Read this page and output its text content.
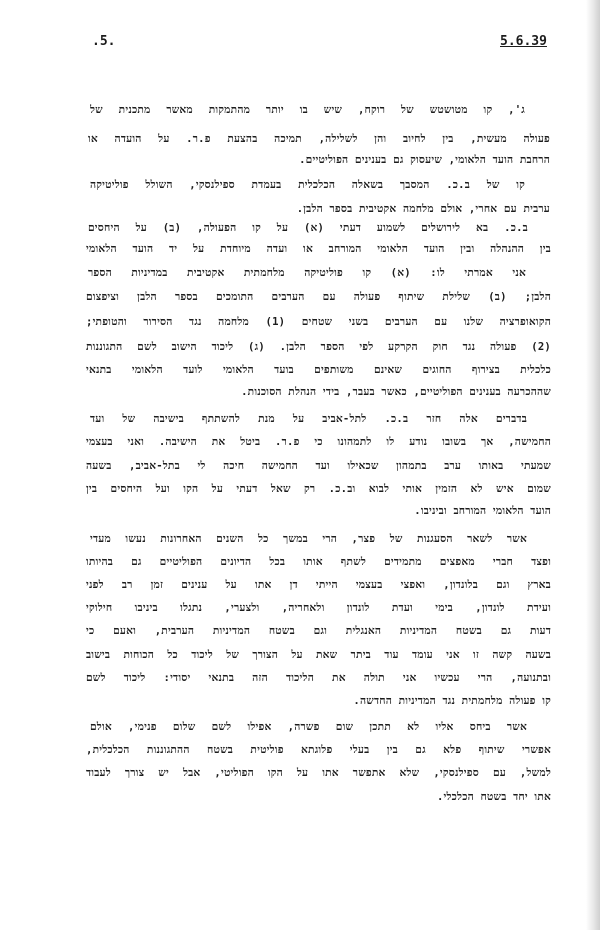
.5.	5.6.39
ג', קו מטושטש של רוקח, שיש בו יותר מהתמקות מאשר מתכנית של
פעולה מעשית, בין לחיוב והן לשלילה, תמיכה בהצעת פ.ר. על הועדה או
הרחבת הועד הלאומי, שיעסוק גם בענינים הפוליטיים.
קו של ב.כ. המסבך בשאלה הכלכלית בעמדת ספילנסקי, השולל פוליטיקה
ערבית עם אחרי, אולם מלחמה אקטיבית בספר הלבן.
ב.כ. בא לירושלים לשמוע דעתי (א) על קו הפעולה, (ב) על היחסים
בין ההנהלה ובין הועד הלאומי המורחב או ועדה מיוחדת על יד הועד הלאומי
אני אמרתי לו: (א) קו פוליטיקה מלחמתית אקטיבית במדיניות הספר
הלבן; (ב) שלילת שיתוף פעולה עם הערבים התומכים בספר הלבן וציפצום
הקואופרציה שלנו עם הערבים בשני שטחים (1) מלחמה נגד הסירור והטופתי;
(2) פעולה נגד חוק הקרקע לפי הספר הלבן. (ג) ליכוד הישוב לשם התגוננות
כלכלית בצירוף החוגים שאינם משותפים בועד הלאומי לועד הלאומי בתנאי
שההכרעה בענינים הפוליטיים, כאשר בעבר, בידי הנהלת הסוכנות.
בדברים אלה חזר ב.כ. לתל-אביב על מנת להשתתף בישיבה של ועד
החמישה, אך בשובו נודע לו לתמהונו כי פ.ר. ביטל את הישיבה. ואני בעצמי
שמעתי באותו ערב בתמהון שכאילו ועד החמישה חיכה לי בתל-אביב, בשעה
שמום איש לא הזמין אותי לבוא וב.כ. רק שאל דעתי על הקו ועל היחסים בין
הועד הלאומי המורחב וביניבו.
אשר לשאר הסעגנות של פצר, הרי במשך כל השנים האחרונות נעשו מעדי
ופצד חברי מאפצים מתמידים לשתף אותו בכל הדיונים הפוליטיים גם בהיותו
בארץ וגם בלונדון, ואפצי בעצמי הייתי דן אתו על ענינים זמן רב לפני
ועידת לונדון, בימי ועדת לונדון ולאחריה, ולצערי, נתגלו ביניבו חילוקי
דעות גם בשטח המדיניות האנגלית וגם בשטח המדיניות הערבית, ואעם כי
בשעה קשה זו אני עומד עוד ביתר שאת על הצורך של ליכוד כל הכוחות בישוב
ובתנועה, הרי עכשיו אני תולה את הליכוד הזה בתנאי יסודי: ליכוד לשם
קו פעולה מלחמתית נגד המדיניות החדשה.
אשר ביחס אליו לא תתכן שום פשרה, אפילו לשם שלום פנימי, אולם
אפשרי שיתוף פלא גם בין בעלי פלוגתא פוליטית בשטח ההתגוננות הכלכלית,
למשל, עם ספילנסקי, שלא אתפשר אתו על הקו הפוליטי, אבל יש צורך לעבוד
אתו יחד בשטח הכלכלי.
